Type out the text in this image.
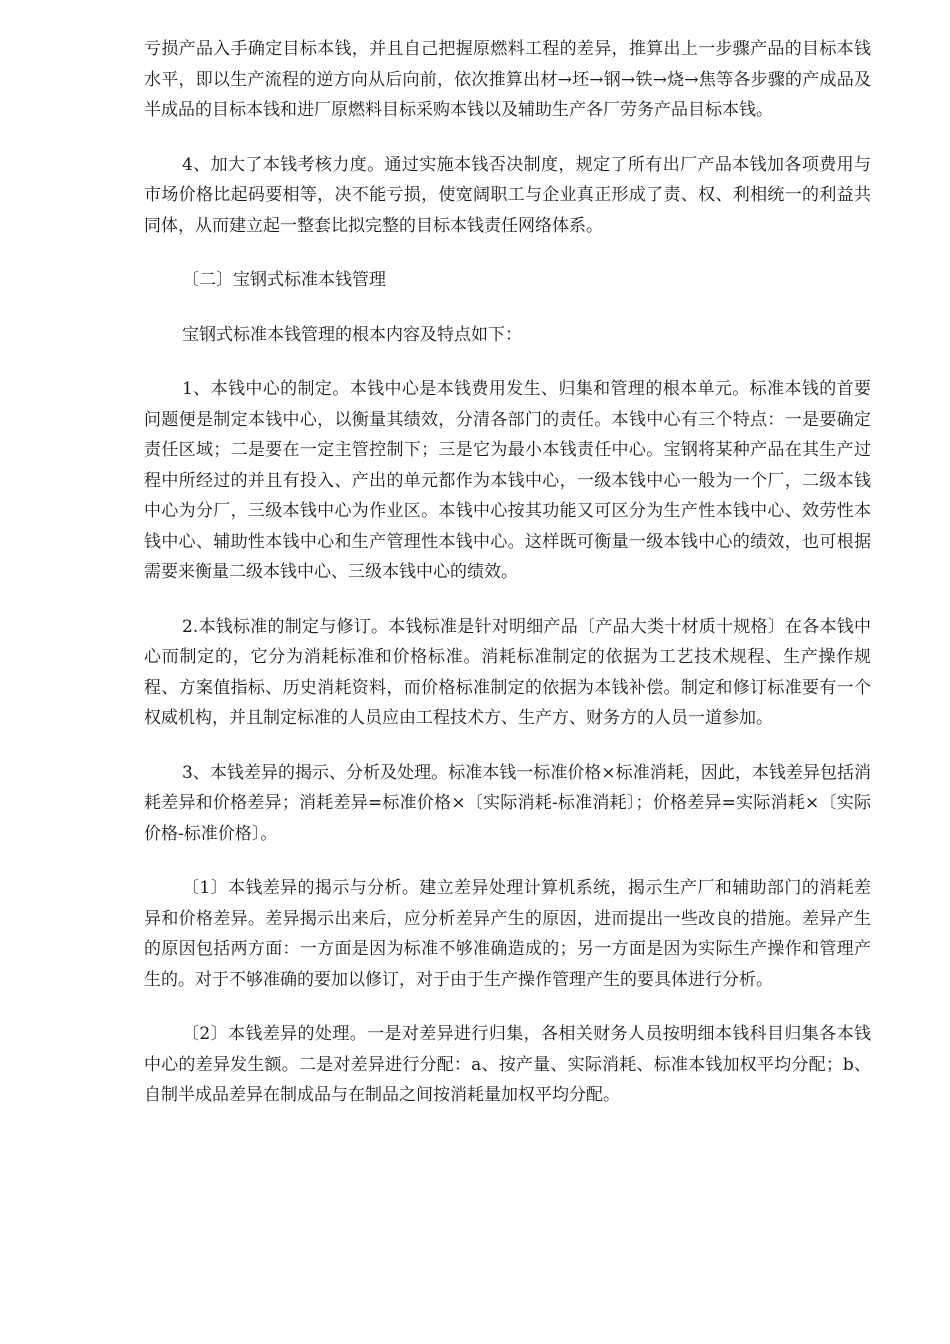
亏损产品入手确定目标本钱，并且自己把握原燃料工程的差异，推算出上一步骤产品的目标本钱水平，即以生产流程的逆方向从后向前，依次推算出材→坯→钢→铁→烧→焦等各步骤的产成品及半成品的目标本钱和进厂原燃料目标采购本钱以及辅助生产各厂劳务产品目标本钱。

4、加大了本钱考核力度。通过实施本钱否决制度，规定了所有出厂产品本钱加各项费用与市场价格比起码要相等，决不能亏损，使宽阔职工与企业真正形成了责、权、利相统一的利益共同体，从而建立起一整套比拟完整的目标本钱责任网络体系。

〔二〕宝钢式标准本钱管理

宝钢式标准本钱管理的根本内容及特点如下：

1、本钱中心的制定。本钱中心是本钱费用发生、归集和管理的根本单元。标准本钱的首要问题便是制定本钱中心，以衡量其绩效，分清各部门的责任。本钱中心有三个特点：一是要确定责任区域；二是要在一定主管控制下；三是它为最小本钱责任中心。宝钢将某种产品在其生产过程中所经过的并且有投入、产出的单元都作为本钱中心，一级本钱中心一般为一个厂，二级本钱中心为分厂，三级本钱中心为作业区。本钱中心按其功能又可区分为生产性本钱中心、效劳性本钱中心、辅助性本钱中心和生产管理性本钱中心。这样既可衡量一级本钱中心的绩效，也可根据需要来衡量二级本钱中心、三级本钱中心的绩效。

2.本钱标准的制定与修订。本钱标准是针对明细产品〔产品大类十材质十规格〕在各本钱中心而制定的，它分为消耗标准和价格标准。消耗标准制定的依据为工艺技术规程、生产操作规程、方案值指标、历史消耗资料，而价格标准制定的依据为本钱补偿。制定和修订标准要有一个权威机构，并且制定标准的人员应由工程技术方、生产方、财务方的人员一道参加。

3、本钱差异的揭示、分析及处理。标准本钱一标准价格×标准消耗，因此，本钱差异包括消耗差异和价格差异；消耗差异=标准价格×〔实际消耗-标准消耗〕；价格差异=实际消耗×〔实际价格-标准价格〕。

〔1〕本钱差异的揭示与分析。建立差异处理计算机系统，揭示生产厂和辅助部门的消耗差异和价格差异。差异揭示出来后，应分析差异产生的原因，进而提出一些改良的措施。差异产生的原因包括两方面：一方面是因为标准不够准确造成的；另一方面是因为实际生产操作和管理产生的。对于不够准确的要加以修订，对于由于生产操作管理产生的要具体进行分析。

〔2〕本钱差异的处理。一是对差异进行归集，各相关财务人员按明细本钱科目归集各本钱中心的差异发生额。二是对差异进行分配：a、按产量、实际消耗、标准本钱加权平均分配；b、自制半成品差异在制成品与在制品之间按消耗量加权平均分配。
